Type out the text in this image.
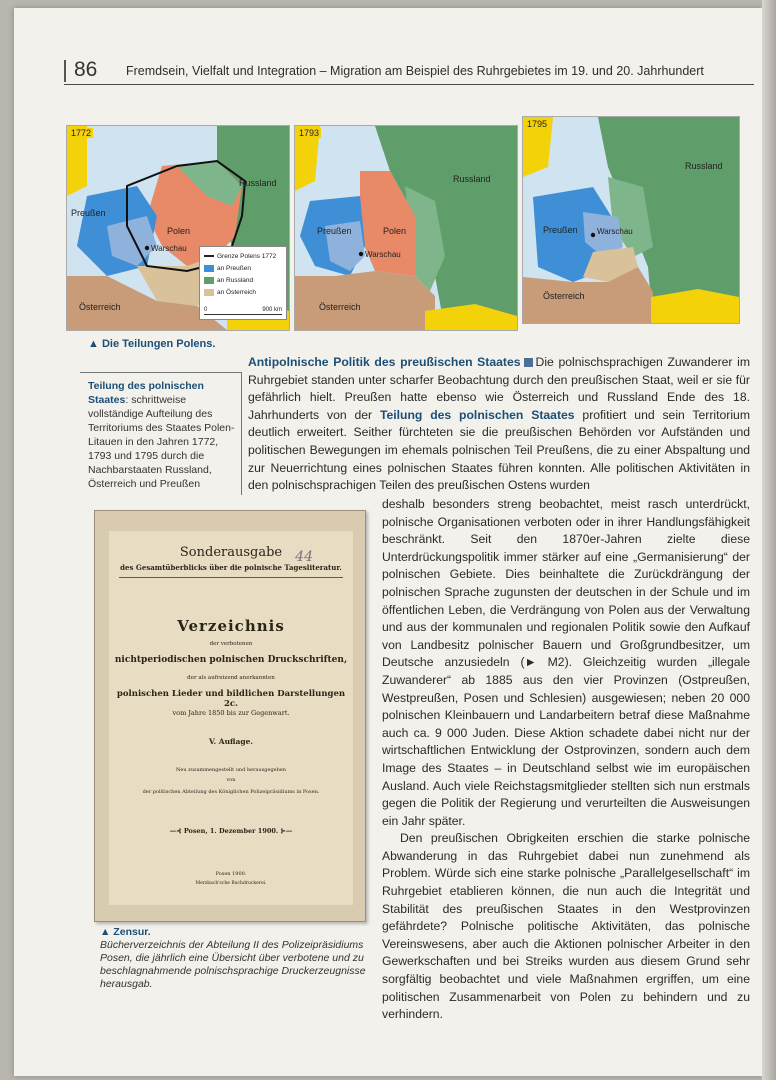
86 Fremdsein, Vielfalt und Integration – Migration am Beispiel des Ruhrgebietes im 19. und 20. Jahrhundert
1772
Russland
Preußen
Polen
Warschau
Österreich
Grenze Polens 1772
an Preußen
an Russland
an Österreich
0	900 km
1793
Russland
Preußen	Polen
Warschau
Österreich
1795
Russland
Preußen Warschau
Österreich
▲ Die Teilungen Polens.
Teilung des polnischen Staates: schrittweise vollständige Aufteilung des Territoriums des Staates Polen-Litauen in den Jahren 1772, 1793 und 1795 durch die Nachbarstaaten Russland, Österreich und Preußen
44
Sonderausgabe
des Gesamtüberblicks über die polnische Tagesliteratur.
Verzeichnis
der verbotenen
nichtperiodischen polnischen Druckschriften,
der als aufreizend anerkannten
polnischen Lieder und bildlichen Darstellungen 2c.
vom Jahre 1850 bis zur Gegenwart.
V. Auflage.
Neu zusammengestellt und herausgegeben
von
der politischen Abteilung des Königlichen Polizeipräsidiums in Posen.
—⊰ Posen, 1. Dezember 1900. ⊱—
Posen 1900.
Merzbach'sche Buchdruckerei.
▲ Zensur.
Bücherverzeichnis der Abteilung II des Polizeipräsidiums Posen, die jährlich eine Übersicht über verbotene und zu beschlagnahmende polnischsprachige Druckerzeugnisse herausgab.

Antipolnische Politik des preußischen Staates Die polnischsprachigen Zuwanderer im Ruhrgebiet standen unter scharfer Beobachtung durch den preußischen Staat, weil er sie für gefährlich hielt. Preußen hatte ebenso wie Österreich und Russland Ende des 18. Jahrhunderts von der Teilung des polnischen Staates profitiert und sein Territorium deutlich erweitert. Seither fürchteten sie die preußischen Behörden vor Aufständen und politischen Bewegungen im ehemals polnischen Teil Preußens, die zu einer Abspaltung und zur Neuerrichtung eines polnischen Staates führen konnten. Alle politischen Aktivitäten in den polnischsprachigen Teilen des preußischen Ostens wurden

deshalb besonders streng beobachtet, meist rasch unterdrückt, polnische Organisationen verboten oder in ihrer Handlungsfähigkeit beschränkt. Seit den 1870er-Jahren zielte diese Unterdrückungspolitik immer stärker auf eine „Germanisierung“ der polnischen Gebiete. Dies beinhaltete die Zurückdrängung der polnischen Sprache zugunsten der deutschen in der Schule und im öffentlichen Leben, die Verdrängung von Polen aus der Verwaltung und aus der kommunalen und regionalen Politik sowie den Aufkauf von Landbesitz polnischer Bauern und Großgrundbesitzer, um Deutsche anzusiedeln (► M2). Gleichzeitig wurden „illegale Zuwanderer“ ab 1885 aus den vier Provinzen (Ostpreußen, Westpreußen, Posen und Schlesien) ausgewiesen; neben 20 000 polnischen Kleinbauern und Landarbeitern betraf diese Maßnahme auch ca. 9 000 Juden. Diese Aktion schadete dabei nicht nur der wirtschaftlichen Entwicklung der Ostprovinzen, sondern auch dem Image des Staates – in Deutschland selbst wie im europäischen Ausland. Auch viele Reichstagsmitglieder stellten sich nun erstmals gegen die Politik der Regierung und verurteilten die Ausweisungen ein Jahr später.

Den preußischen Obrigkeiten erschien die starke polnische Abwanderung in das Ruhrgebiet dabei nun zunehmend als Problem. Würde sich eine starke polnische „Parallelgesellschaft“ im Ruhrgebiet etablieren können, die nun auch die Integrität und Stabilität des preußischen Staates in den Westprovinzen gefährdete? Polnische politische Aktivitäten, das polnische Vereinswesens, aber auch die Aktionen polnischer Arbeiter in den Gewerkschaften und bei Streiks wurden aus diesem Grund sehr sorgfältig beobachtet und viele Maßnahmen ergriffen, um eine politischen Zusammenarbeit von Polen zu behindern und zu verhindern.
